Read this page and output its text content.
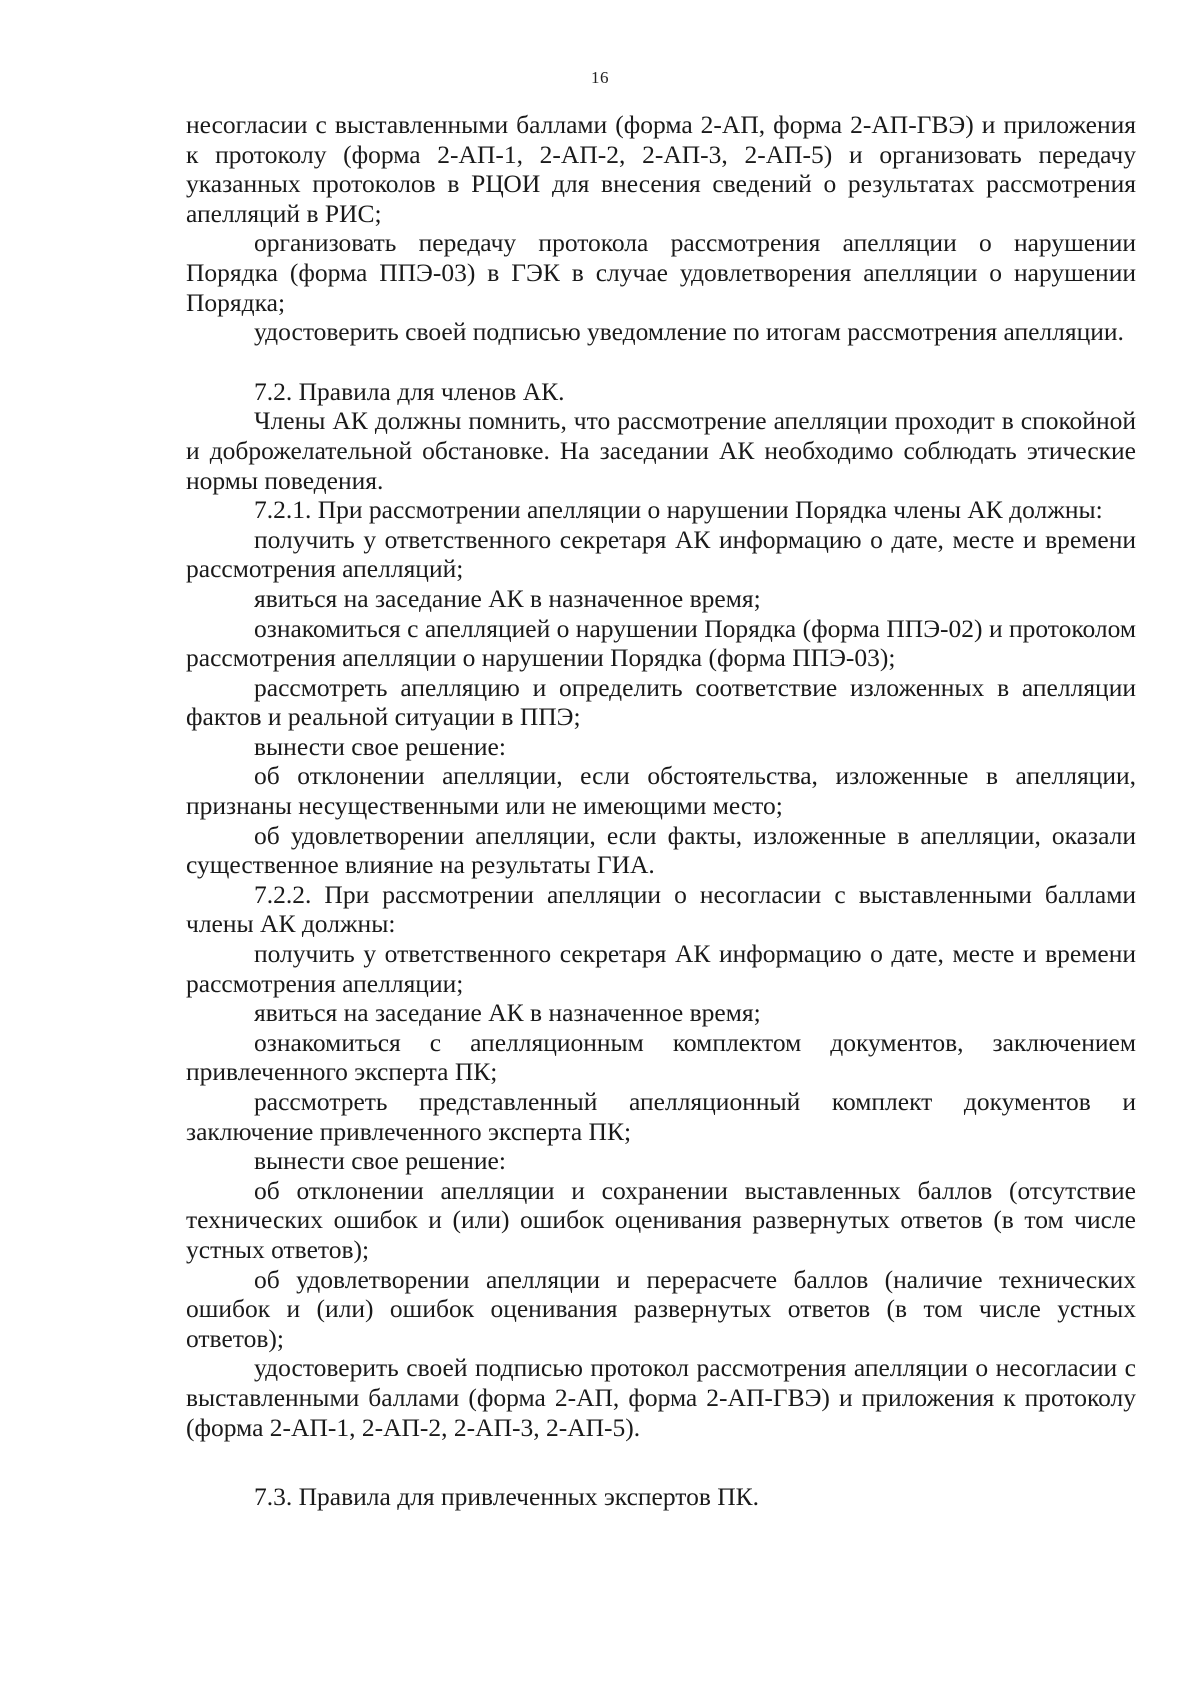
16

несогласии с выставленными баллами (форма 2-АП, форма 2-АП-ГВЭ) и приложения к протоколу (форма 2-АП-1, 2-АП-2, 2-АП-3, 2-АП-5) и организовать передачу указанных протоколов в РЦОИ для внесения сведений о результатах рассмотрения апелляций в РИС;

организовать передачу протокола рассмотрения апелляции о нарушении Порядка (форма ППЭ-03) в ГЭК в случае удовлетворения апелляции о нарушении Порядка;

удостоверить своей подписью уведомление по итогам рассмотрения апелляции.

7.2. Правила для членов АК.

Члены АК должны помнить, что рассмотрение апелляции проходит в спокойной и доброжелательной обстановке. На заседании АК необходимо соблюдать этические нормы поведения.

7.2.1. При рассмотрении апелляции о нарушении Порядка члены АК должны:

получить у ответственного секретаря АК информацию о дате, месте и времени рассмотрения апелляций;

явиться на заседание АК в назначенное время;

ознакомиться с апелляцией о нарушении Порядка (форма ППЭ-02) и протоколом рассмотрения апелляции о нарушении Порядка (форма ППЭ-03);

рассмотреть апелляцию и определить соответствие изложенных в апелляции фактов и реальной ситуации в ППЭ;

вынести свое решение:

об отклонении апелляции, если обстоятельства, изложенные в апелляции, признаны несущественными или не имеющими место;

об удовлетворении апелляции, если факты, изложенные в апелляции, оказали существенное влияние на результаты ГИА.

7.2.2. При рассмотрении апелляции о несогласии с выставленными баллами члены АК должны:

получить у ответственного секретаря АК информацию о дате, месте и времени рассмотрения апелляции;

явиться на заседание АК в назначенное время;

ознакомиться с апелляционным комплектом документов, заключением привлеченного эксперта ПК;

рассмотреть представленный апелляционный комплект документов и заключение привлеченного эксперта ПК;

вынести свое решение:

об отклонении апелляции и сохранении выставленных баллов (отсутствие технических ошибок и (или) ошибок оценивания развернутых ответов (в том числе устных ответов);

об удовлетворении апелляции и перерасчете баллов (наличие технических ошибок и (или) ошибок оценивания развернутых ответов (в том числе устных ответов);

удостоверить своей подписью протокол рассмотрения апелляции о несогласии с выставленными баллами (форма 2-АП, форма 2-АП-ГВЭ) и приложения к протоколу (форма 2-АП-1, 2-АП-2, 2-АП-3, 2-АП-5).

7.3. Правила для привлеченных экспертов ПК.
